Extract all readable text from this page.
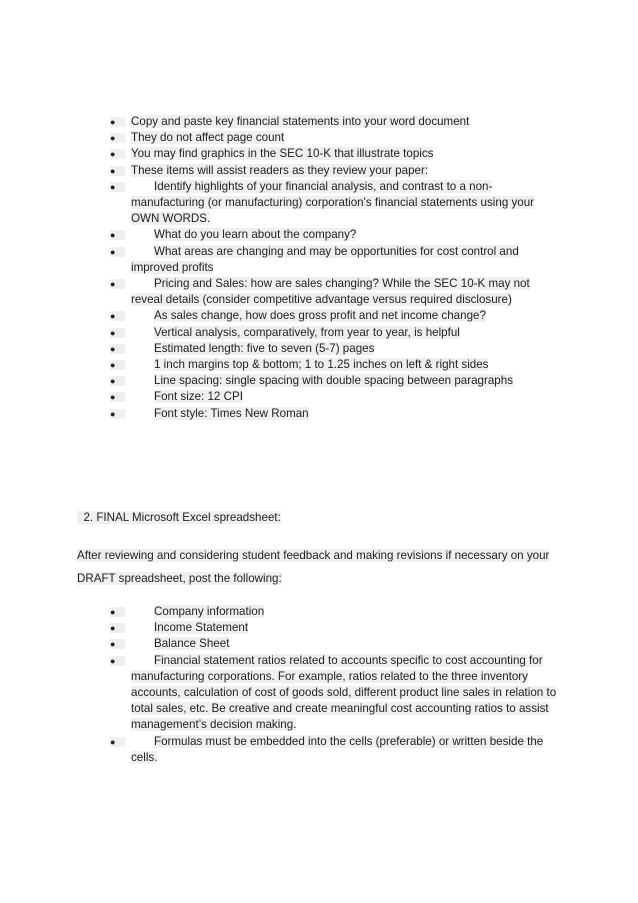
●	Copy and paste key financial statements into your word document
●	They do not affect page count
●	You may find graphics in the SEC 10-K that illustrate topics
●	These items will assist readers as they review your paper:
●	Identify highlights of your financial analysis, and contrast to a non-manufacturing (or manufacturing) corporation's financial statements using your OWN WORDS.
●	What do you learn about the company?
●	What areas are changing and may be opportunities for cost control and improved profits
●	Pricing and Sales: how are sales changing? While the SEC 10-K may not reveal details (consider competitive advantage versus required disclosure)
●	As sales change, how does gross profit and net income change?
●	Vertical analysis, comparatively, from year to year, is helpful
●	Estimated length: five to seven (5-7) pages
●	1 inch margins top & bottom; 1 to 1.25 inches on left & right sides
●	Line spacing: single spacing with double spacing between paragraphs
●	Font size: 12 CPI
●	Font style: Times New Roman
2. FINAL Microsoft Excel spreadsheet:
After reviewing and considering student feedback and making revisions if necessary on your DRAFT spreadsheet, post the following:
●	Company information
●	Income Statement
●	Balance Sheet
●	Financial statement ratios related to accounts specific to cost accounting for manufacturing corporations. For example, ratios related to the three inventory accounts, calculation of cost of goods sold, different product line sales in relation to total sales, etc. Be creative and create meaningful cost accounting ratios to assist management’s decision making.
●	Formulas must be embedded into the cells (preferable) or written beside the cells.
